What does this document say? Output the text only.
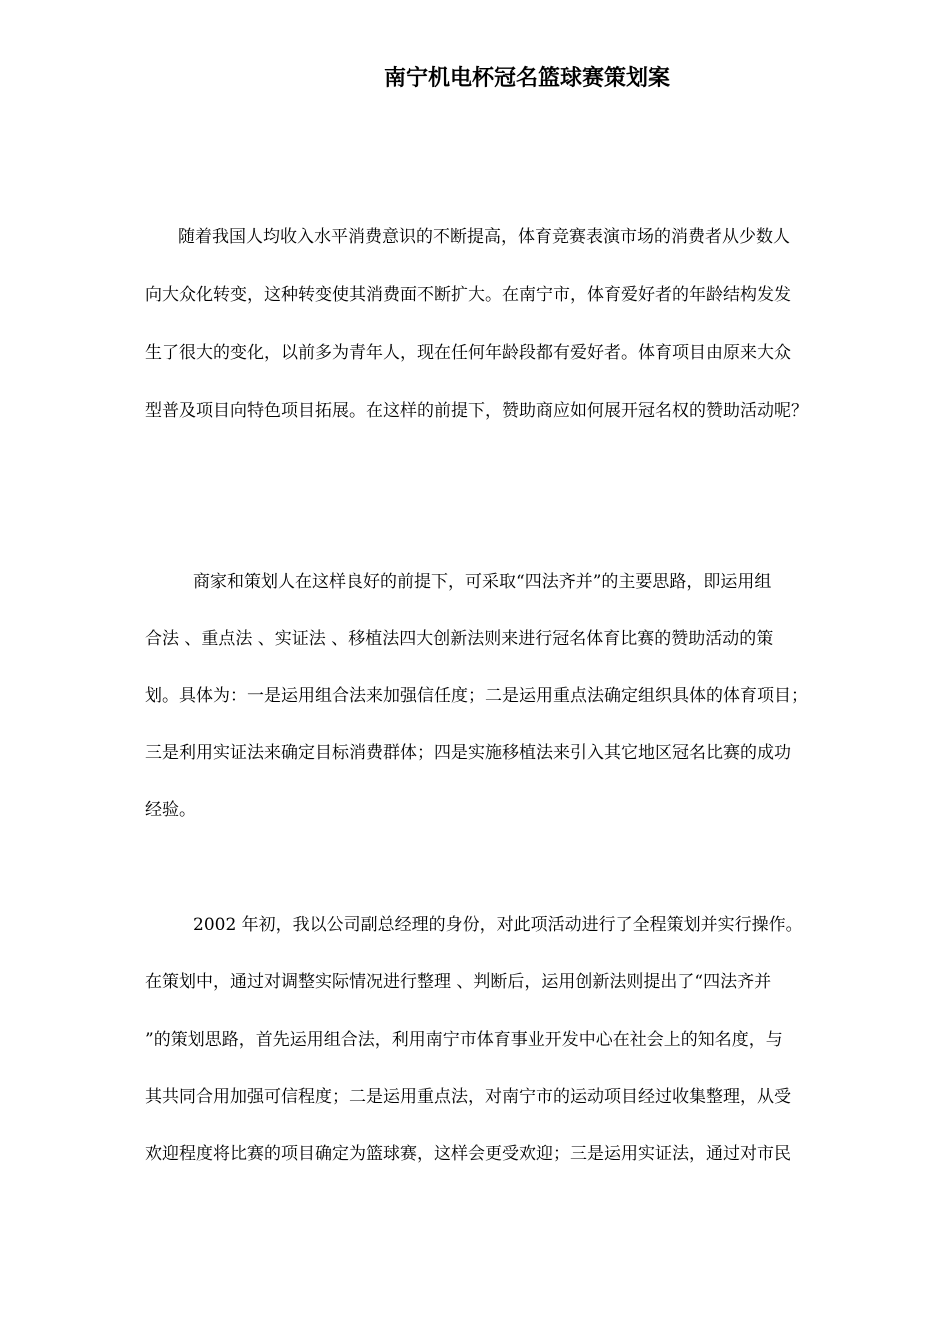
南宁机电杯冠名篮球赛策划案

随着我国人均收入水平消费意识的不断提高，体育竞赛表演市场的消费者从少数人

向大众化转变，这种转变使其消费面不断扩大。在南宁市，体育爱好者的年龄结构发发

生了很大的变化，以前多为青年人，现在任何年龄段都有爱好者。体育项目由原来大众

型普及项目向特色项目拓展。在这样的前提下，赞助商应如何展开冠名权的赞助活动呢？

商家和策划人在这样良好的前提下，可采取“四法齐并”的主要思路，即运用组

合法 、重点法 、实证法 、移植法四大创新法则来进行冠名体育比赛的赞助活动的策

划。具体为：一是运用组合法来加强信任度；二是运用重点法确定组织具体的体育项目；

三是利用实证法来确定目标消费群体；四是实施移植法来引入其它地区冠名比赛的成功

经验。

2002 年初，我以公司副总经理的身份，对此项活动进行了全程策划并实行操作。

在策划中，通过对调整实际情况进行整理 、判断后，运用创新法则提出了“四法齐并

”的策划思路，首先运用组合法，利用南宁市体育事业开发中心在社会上的知名度，与

其共同合用加强可信程度；二是运用重点法，对南宁市的运动项目经过收集整理，从受

欢迎程度将比赛的项目确定为篮球赛，这样会更受欢迎；三是运用实证法，通过对市民
